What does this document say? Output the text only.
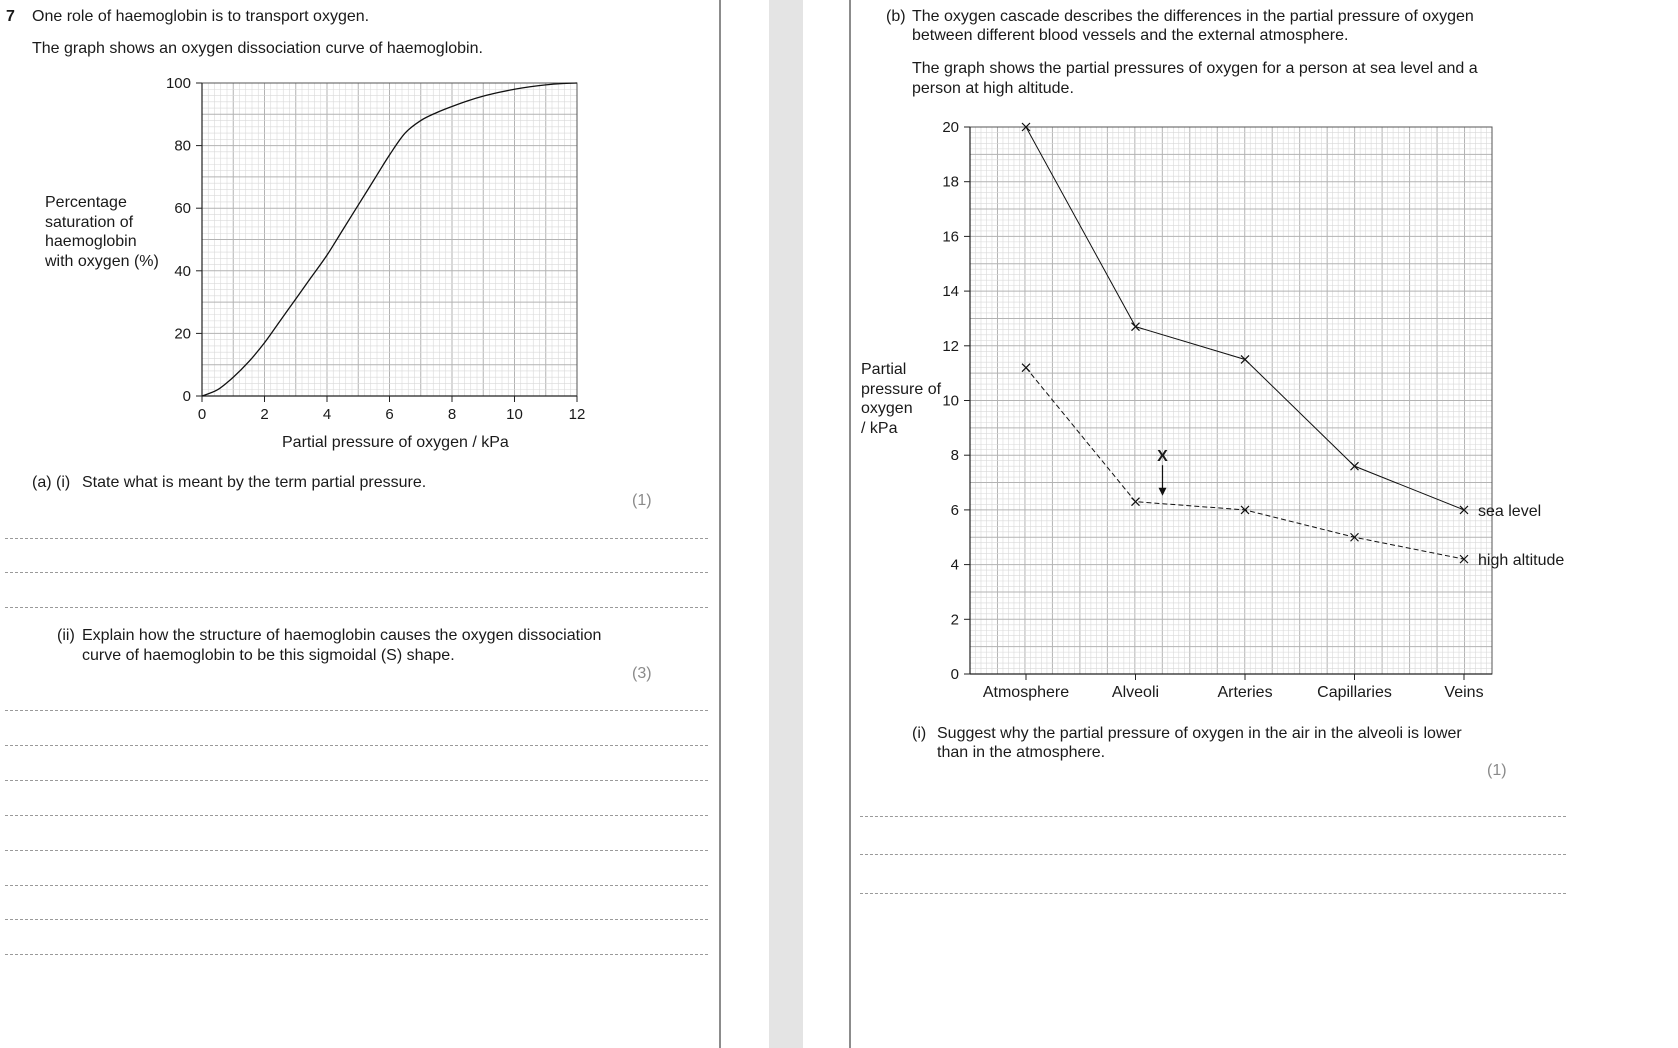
7 One role of haemoglobin is to transport oxygen.
The graph shows an oxygen dissociation curve of haemoglobin.
Percentage
saturation of
haemoglobin
with oxygen (%)
0
20
40
60
80
100
0	2	4	6	8	10	12
Partial pressure of oxygen / kPa
(a) (i) State what is meant by the term partial pressure.
(1)
(ii) Explain how the structure of haemoglobin causes the oxygen dissociation
curve of haemoglobin to be this sigmoidal (S) shape.
(3)
(b) The oxygen cascade describes the differences in the partial pressure of oxygen
between different blood vessels and the external atmosphere.
The graph shows the partial pressures of oxygen for a person at sea level and a
person at high altitude.
Partial
pressure of
oxygen
/ kPa
0
2
4
6
8
10
12
14
16
18
20
Atmosphere	Alveoli	Arteries	Capillaries	Veins
sea level
high altitude
X
(i) Suggest why the partial pressure of oxygen in the air in the alveoli is lower
than in the atmosphere.
(1)
